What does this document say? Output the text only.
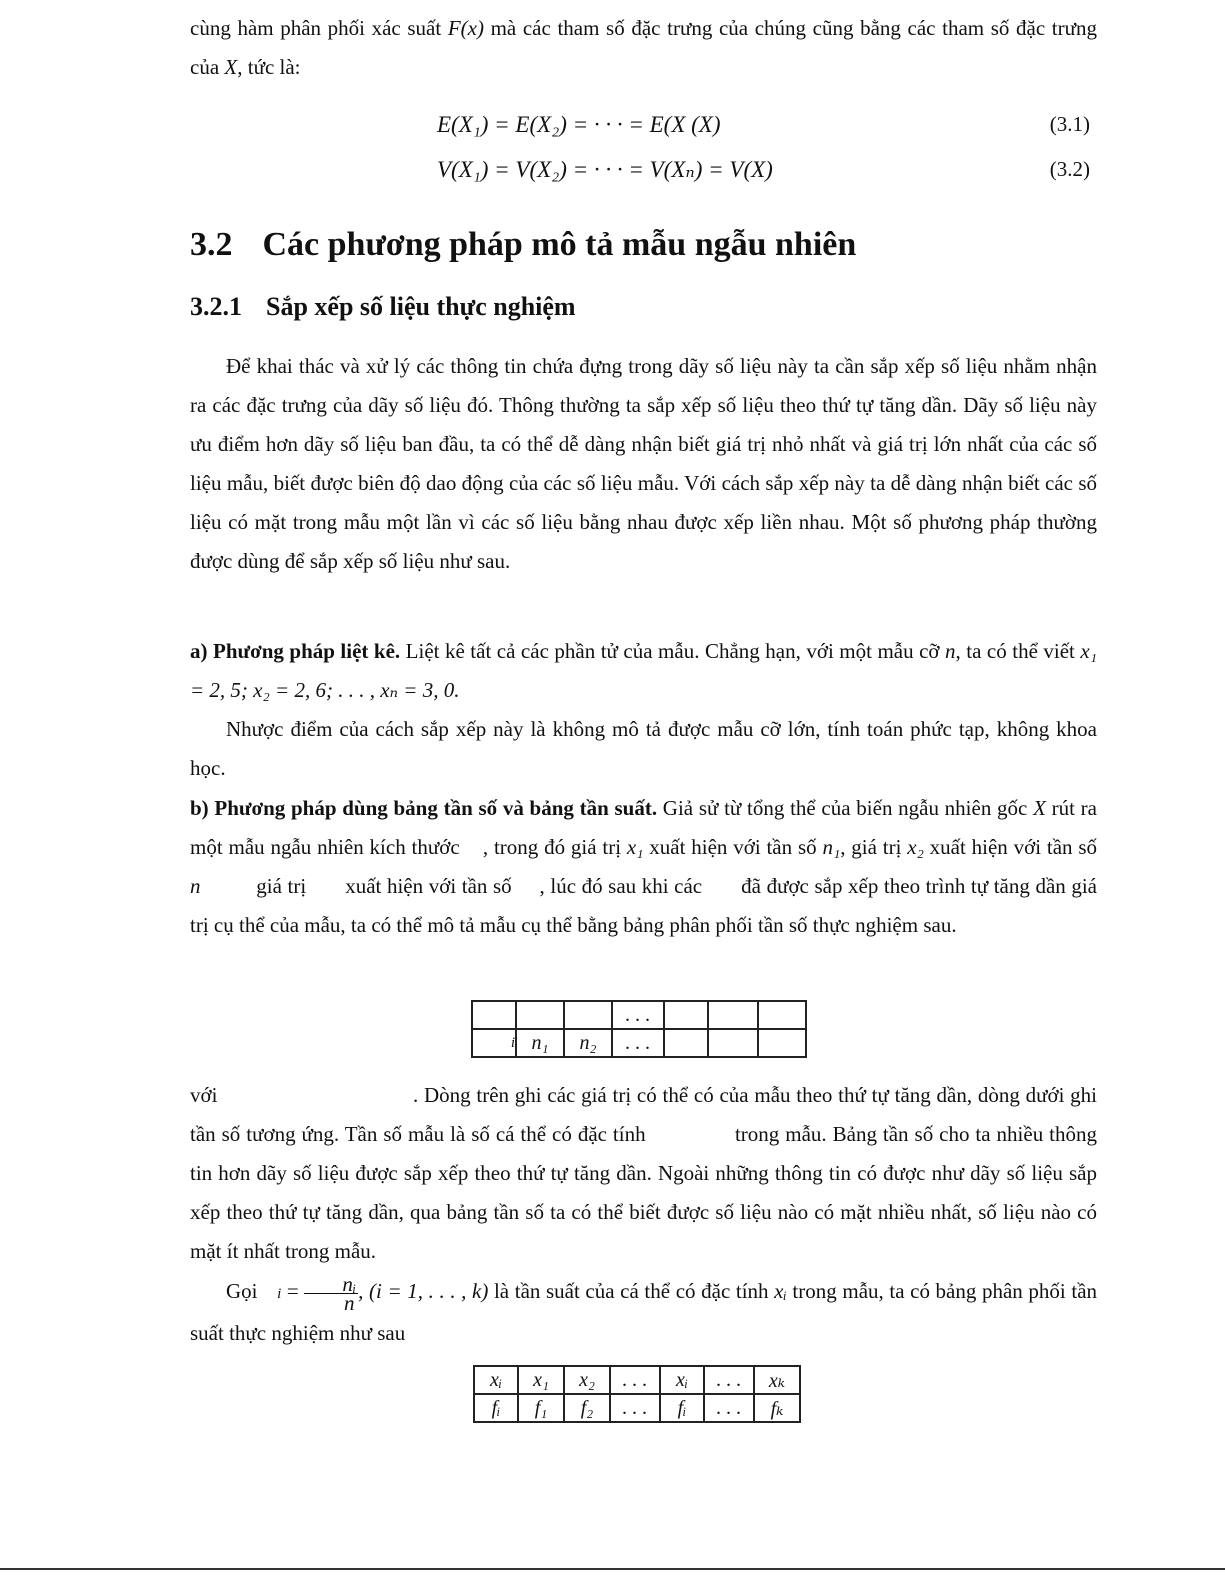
cùng hàm phân phối xác suất F(x) mà các tham số đặc trưng của chúng cũng bằng các tham số đặc trưng của X, tức là:

E(X₁) = E(X₂) = · · · = E(X (X)	(3.1)
V(X₁) = V(X₂) = · · · = V(Xₙ) = V(X)	(3.2)
3.2 Các phương pháp mô tả mẫu ngẫu nhiên
3.2.1 Sắp xếp số liệu thực nghiệm

Để khai thác và xử lý các thông tin chứa đựng trong dãy số liệu này ta cần sắp xếp số liệu nhằm nhận ra các đặc trưng của dãy số liệu đó. Thông thường ta sắp xếp số liệu theo thứ tự tăng dần. Dãy số liệu này ưu điểm hơn dãy số liệu ban đầu, ta có thể dễ dàng nhận biết giá trị nhỏ nhất và giá trị lớn nhất của các số liệu mẫu, biết được biên độ dao động của các số liệu mẫu. Với cách sắp xếp này ta dễ dàng nhận biết các số liệu có mặt trong mẫu một lần vì các số liệu bằng nhau được xếp liền nhau. Một số phương pháp thường được dùng để sắp xếp số liệu như sau.

a) Phương pháp liệt kê. Liệt kê tất cả các phần tử của mẫu. Chẳng hạn, với một mẫu cỡ n, ta có thể viết x₁ = 2, 5; x₂ = 2, 6; . . . , xₙ = 3, 0.

Nhược điểm của cách sắp xếp này là không mô tả được mẫu cỡ lớn, tính toán phức tạp, không khoa học.

b) Phương pháp dùng bảng tần số và bảng tần suất. Giả sử từ tổng thể của biến ngẫu nhiên gốc X rút ra một mẫu ngẫu nhiên kích thước    , trong đó giá trị x₁ xuất hiện với tần số n₁, giá trị x₂ xuất hiện với tần số n          giá trị       xuất hiện với tần số     , lúc đó sau khi các       đã được sắp xếp theo trình tự tăng dần giá trị cụ thể của mẫu, ta có thể mô tả mẫu cụ thể bằng bảng phân phối tần số thực nghiệm sau.

			. . .			
i	n₁	n₂	. . .			

với                                  . Dòng trên ghi các giá trị có thể có của mẫu theo thứ tự tăng dần, dòng dưới ghi tần số tương ứng. Tần số mẫu là số cá thể có đặc tính               trong mẫu. Bảng tần số cho ta nhiều thông tin hơn dãy số liệu được sắp xếp theo thứ tự tăng dần. Ngoài những thông tin có được như dãy số liệu sắp xếp theo thứ tự tăng dần, qua bảng tần số ta có thể biết được số liệu nào có mặt nhiều nhất, số liệu nào có mặt ít nhất trong mẫu.

Gọi $i = \frac{\text{nᵢ}}{n}$ , (i = 1, . . . , k) là tần suất của cá thể có đặc tính xᵢ trong mẫu, ta có bảng phân phối tần suất thực nghiệm như sau

xᵢ	x₁	x₂	. . .	xᵢ	. . .	xₖ
fᵢ	f₁	f₂	. . .	fᵢ	. . .	fₖ
